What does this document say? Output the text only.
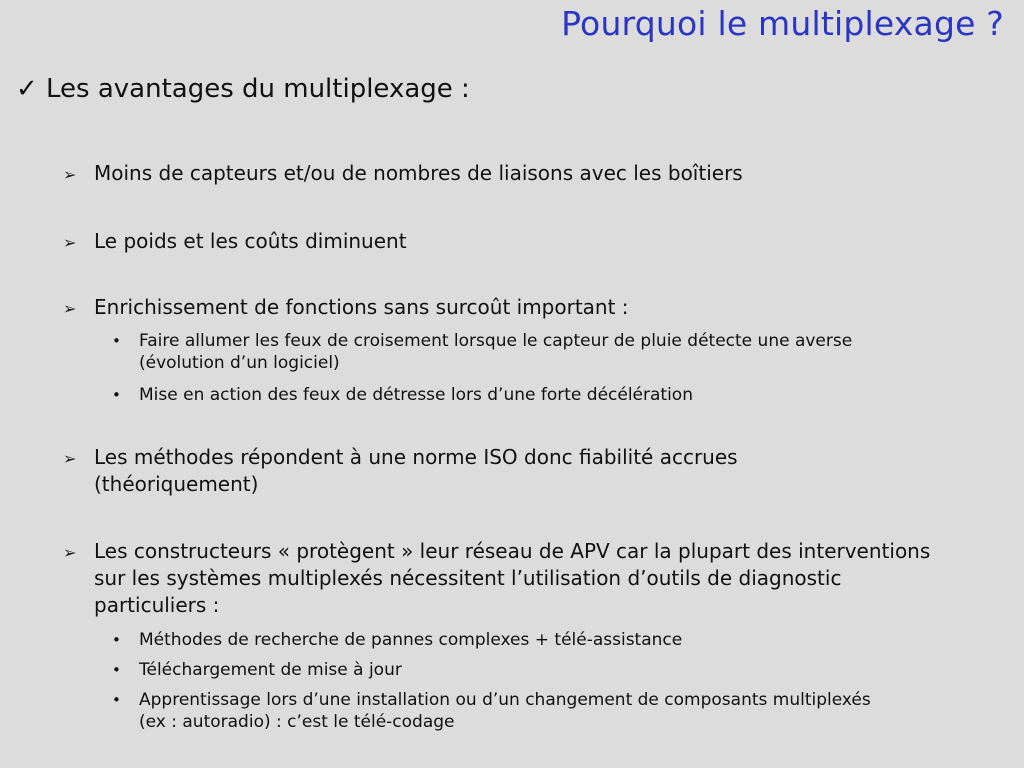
Pourquoi le multiplexage ?
✓ Les avantages du multiplexage :
➢ Moins de capteurs et/ou de nombres de liaisons avec les boîtiers
➢ Le poids et les coûts diminuent
➢ Enrichissement de fonctions sans surcoût important :
•	Faire allumer les feux de croisement lorsque le capteur de pluie détecte une averse (évolution d’un logiciel)
•	Mise en action des feux de détresse lors d’une forte décélération
➢ Les méthodes répondent à une norme ISO donc fiabilité accrues (théoriquement)
➢ Les constructeurs « protègent » leur réseau de APV car la plupart des interventions sur les systèmes multiplexés nécessitent l’utilisation d’outils de diagnostic particuliers :
•	Méthodes de recherche de pannes complexes + télé-assistance
•	Téléchargement de mise à jour
•	Apprentissage lors d’une installation ou d’un changement de composants multiplexés (ex : autoradio) : c’est le télé-codage
